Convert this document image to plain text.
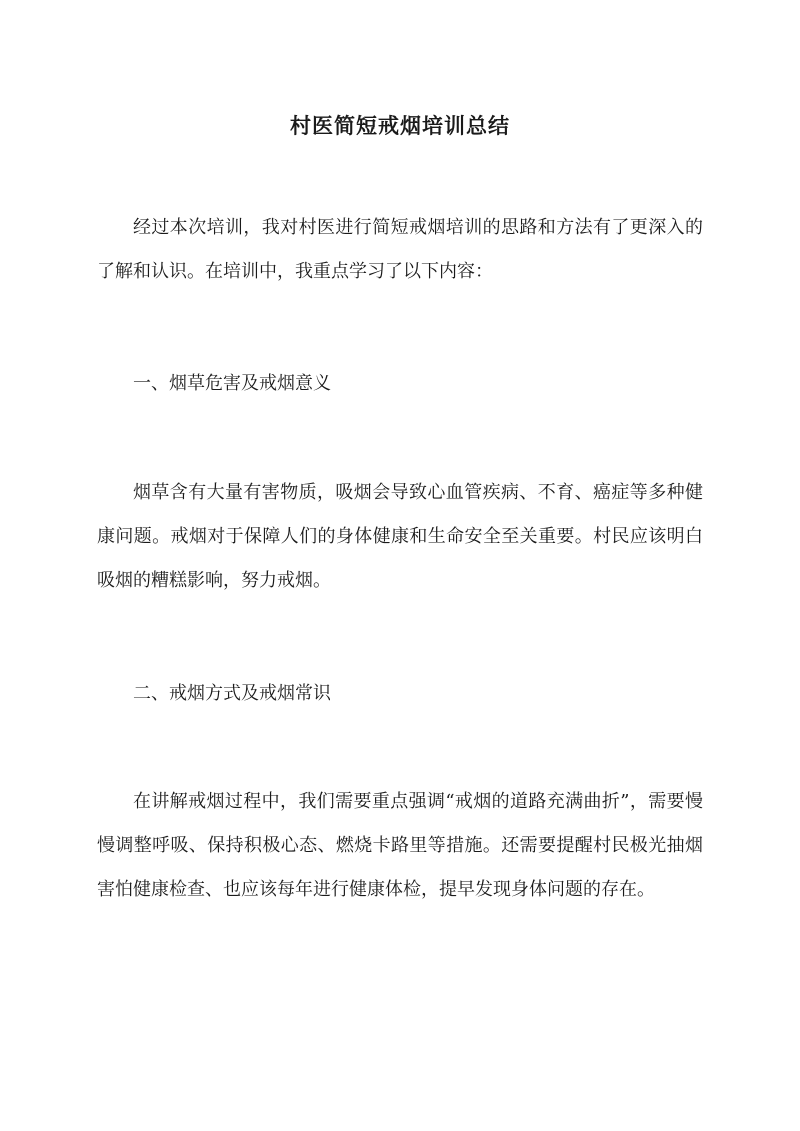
村医简短戒烟培训总结

经过本次培训，我对村医进行简短戒烟培训的思路和方法有了更深入的了解和认识。在培训中，我重点学习了以下内容：

一、烟草危害及戒烟意义

烟草含有大量有害物质，吸烟会导致心血管疾病、不育、癌症等多种健康问题。戒烟对于保障人们的身体健康和生命安全至关重要。村民应该明白吸烟的糟糕影响，努力戒烟。

二、戒烟方式及戒烟常识

在讲解戒烟过程中，我们需要重点强调“戒烟的道路充满曲折”，需要慢慢调整呼吸、保持积极心态、燃烧卡路里等措施。还需要提醒村民极光抽烟害怕健康检查、也应该每年进行健康体检，提早发现身体问题的存在。
